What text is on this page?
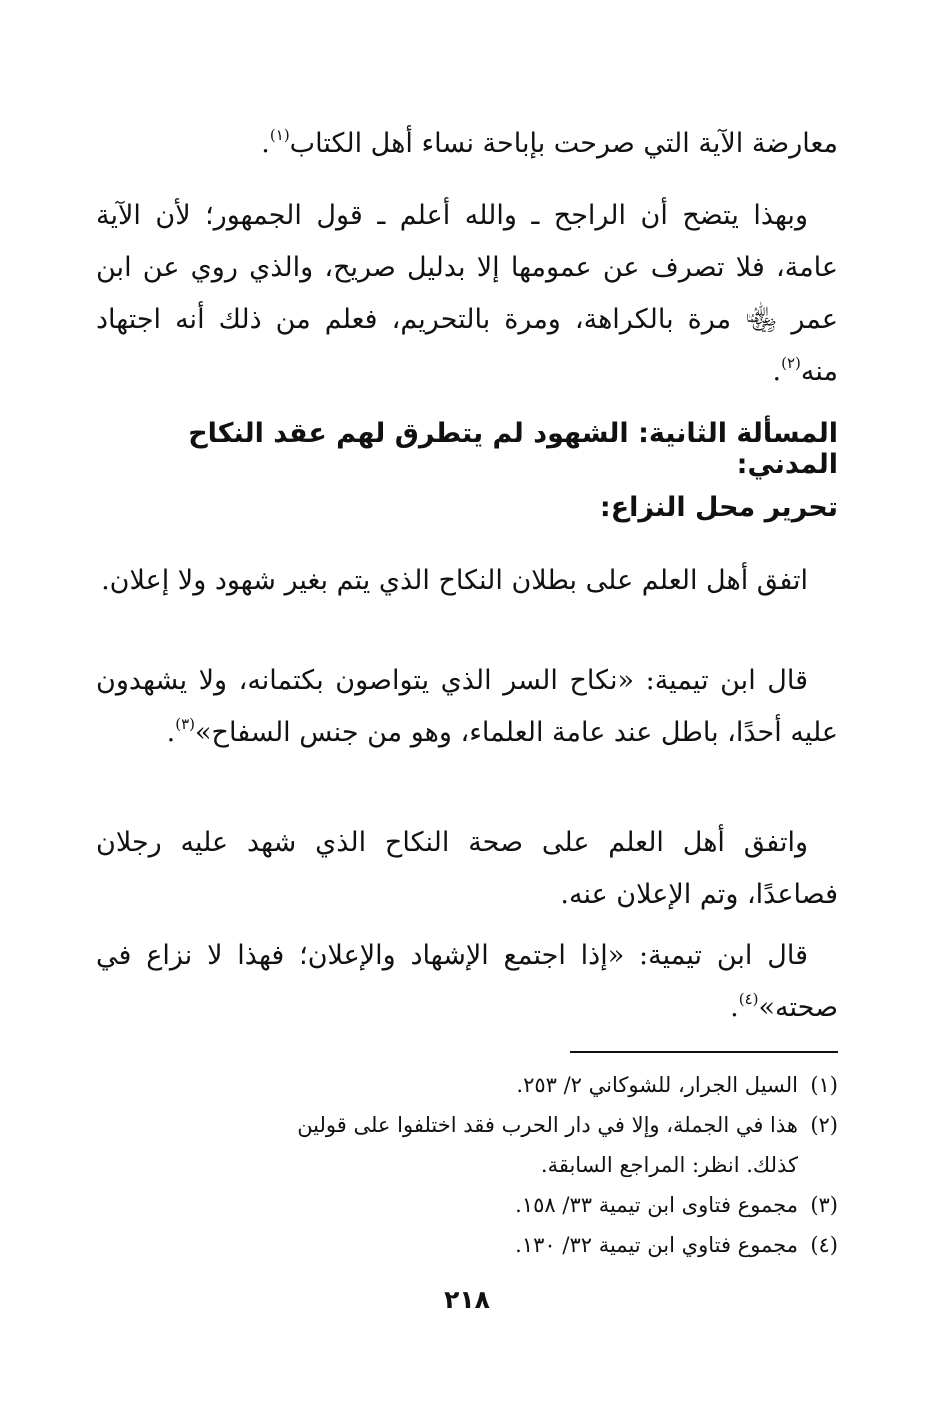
معارضة الآية التي صرحت بإباحة نساء أهل الكتاب$^{(١)}$.

وبهذا يتضح أن الراجح ـ والله أعلم ـ قول الجمهور؛ لأن الآية عامة، فلا تصرف عن عمومها إلا بدليل صريح، والذي روي عن ابن عمر ﵄ مرة بالكراهة، ومرة بالتحريم، فعلم من ذلك أنه اجتهاد منه$^{(٢)}$.

المسألة الثانية: الشهود لم يتطرق لهم عقد النكاح المدني:
تحرير محل النزاع:

اتفق أهل العلم على بطلان النكاح الذي يتم بغير شهود ولا إعلان.

قال ابن تيمية: «نكاح السر الذي يتواصون بكتمانه، ولا يشهدون عليه أحدًا، باطل عند عامة العلماء، وهو من جنس السفاح»$^{(٣)}$.

واتفق أهل العلم على صحة النكاح الذي شهد عليه رجلان فصاعدًا، وتم الإعلان عنه.

قال ابن تيمية: «إذا اجتمع الإشهاد والإعلان؛ فهذا لا نزاع في صحته»$^{(٤)}$.

(١)السيل الجرار، للشوكاني ٢/ ٢٥٣.

(٢)هذا في الجملة، وإلا في دار الحرب فقد اختلفوا على قولين

كذلك. انظر: المراجع السابقة.

(٣)مجموع فتاوى ابن تيمية ٣٣/ ١٥٨.

(٤)مجموع فتاوي ابن تيمية ٣٢/ ١٣٠.

٢١٨
